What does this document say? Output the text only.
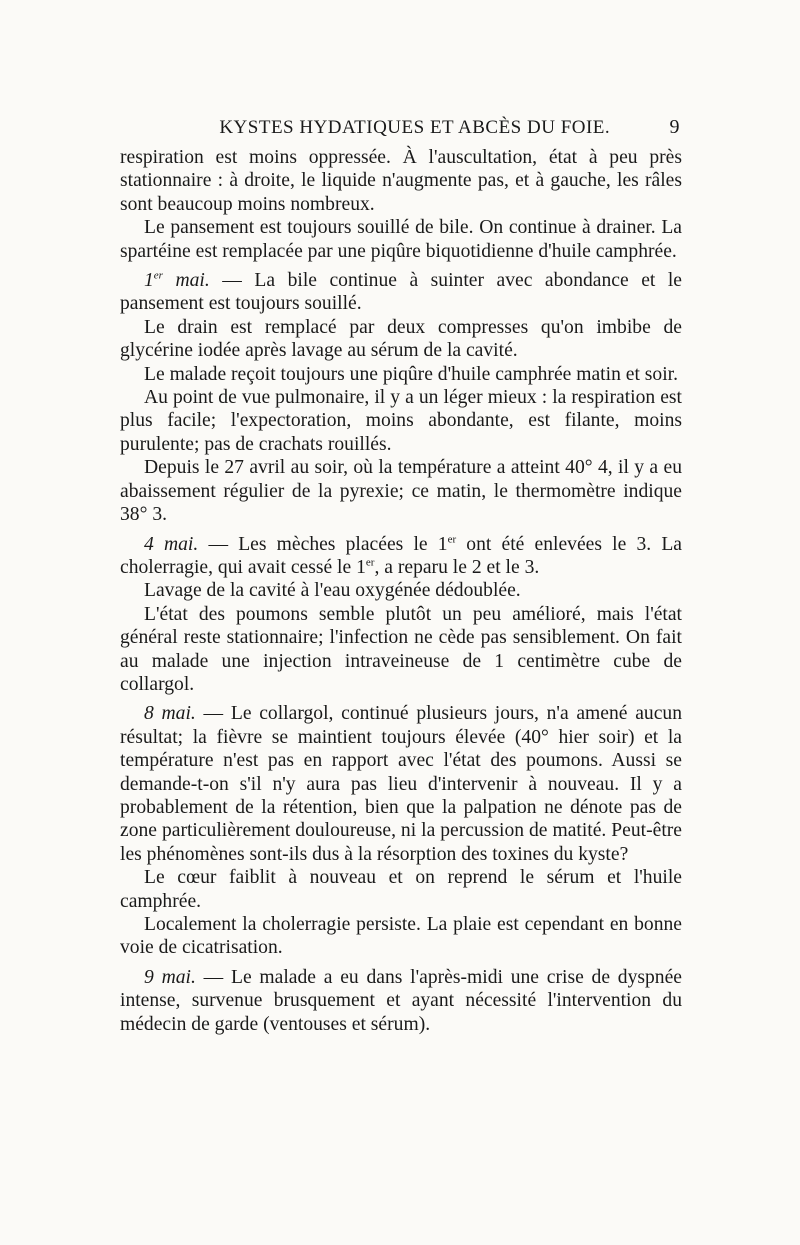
KYSTES HYDATIQUES ET ABCÈS DU FOIE.	9

respiration est moins oppressée. À l'auscultation, état à peu près stationnaire : à droite, le liquide n'augmente pas, et à gauche, les râles sont beaucoup moins nombreux.

Le pansement est toujours souillé de bile. On continue à drainer. La spartéine est remplacée par une piqûre biquotidienne d'huile camphrée.

1er mai. — La bile continue à suinter avec abondance et le pansement est toujours souillé.

Le drain est remplacé par deux compresses qu'on imbibe de glycérine iodée après lavage au sérum de la cavité.

Le malade reçoit toujours une piqûre d'huile camphrée matin et soir.

Au point de vue pulmonaire, il y a un léger mieux : la respiration est plus facile; l'expectoration, moins abondante, est filante, moins purulente; pas de crachats rouillés.

Depuis le 27 avril au soir, où la température a atteint 40° 4, il y a eu abaissement régulier de la pyrexie; ce matin, le thermomètre indique 38° 3.

4 mai. — Les mèches placées le 1er ont été enlevées le 3. La cholerragie, qui avait cessé le 1er, a reparu le 2 et le 3.

Lavage de la cavité à l'eau oxygénée dédoublée.

L'état des poumons semble plutôt un peu amélioré, mais l'état général reste stationnaire; l'infection ne cède pas sensiblement. On fait au malade une injection intraveineuse de 1 centimètre cube de collargol.

8 mai. — Le collargol, continué plusieurs jours, n'a amené aucun résultat; la fièvre se maintient toujours élevée (40° hier soir) et la température n'est pas en rapport avec l'état des poumons. Aussi se demande-t-on s'il n'y aura pas lieu d'intervenir à nouveau. Il y a probablement de la rétention, bien que la palpation ne dénote pas de zone particulièrement douloureuse, ni la percussion de matité. Peut-être les phénomènes sont-ils dus à la résorption des toxines du kyste?

Le cœur faiblit à nouveau et on reprend le sérum et l'huile camphrée.

Localement la cholerragie persiste. La plaie est cependant en bonne voie de cicatrisation.

9 mai. — Le malade a eu dans l'après-midi une crise de dyspnée intense, survenue brusquement et ayant nécessité l'intervention du médecin de garde (ventouses et sérum).
